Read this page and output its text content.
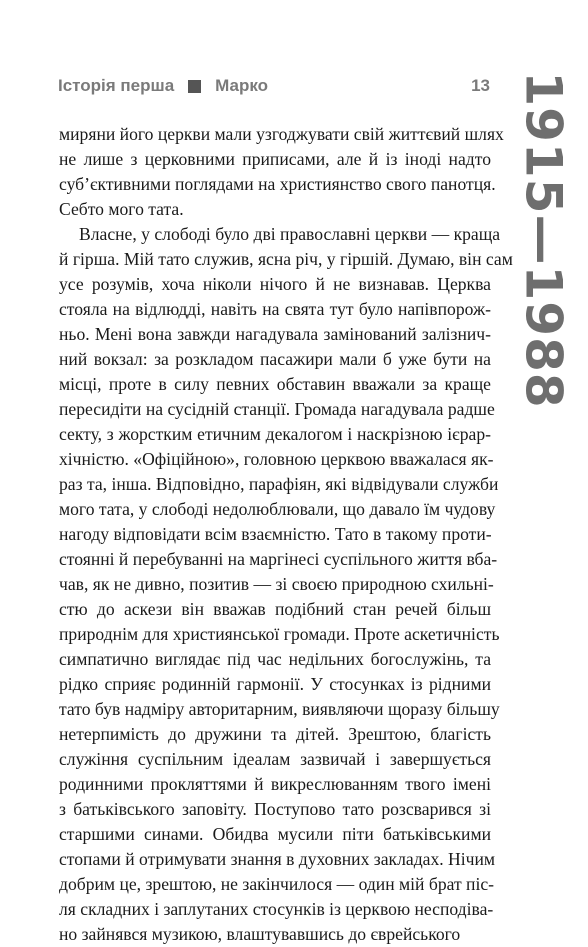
Історія перша Марко	13 1915—1988
миряни його церкви мали узгоджувати свій життєвий шлях
не лише з церковними приписами, але й із іноді надто
суб’єктивними поглядами на християнство свого панотця.
Себто мого тата.
Власне, у слободі було дві православні церкви — краща
й гірша. Мій тато служив, ясна річ, у гіршій. Думаю, він сам
усе розумів, хоча ніколи нічого й не визнавав. Церква
стояла на відлюдді, навіть на свята тут було напівпорож-
ньо. Мені вона завжди нагадувала замінований залізнич-
ний вокзал: за розкладом пасажири мали б уже бути на
місці, проте в силу певних обставин вважали за краще
пересидіти на сусідній станції. Громада нагадувала радше
секту, з жорстким етичним декалогом і наскрізною ієрар-
хічністю. «Офіційною», головною церквою вважалася як-
раз та, інша. Відповідно, парафіян, які відвідували служби
мого тата, у слободі недолюблювали, що давало їм чудову
нагоду відповідати всім взаємністю. Тато в такому проти-
стоянні й перебуванні на маргінесі суспільного життя вба-
чав, як не дивно, позитив — зі своєю природною схильні-
стю до аскези він вважав подібний стан речей більш
природнім для християнської громади. Проте аскетичність
симпатично виглядає під час недільних богослужінь, та
рідко сприяє родинній гармонії. У стосунках із рідними
тато був надміру авторитарним, виявляючи щоразу більшу
нетерпимість до дружини та дітей. Зрештою, благість
служіння суспільним ідеалам зазвичай і завершується
родинними прокляттями й викреслюванням твого імені
з батьківського заповіту. Поступово тато розсварився зі
старшими синами. Обидва мусили піти батьківськими
стопами й отримувати знання в духовних закладах. Нічим
добрим це, зрештою, не закінчилося — один мій брат піс-
ля складних і заплутаних стосунків із церквою несподіва-
но зайнявся музикою, влаштувавшись до єврейського
